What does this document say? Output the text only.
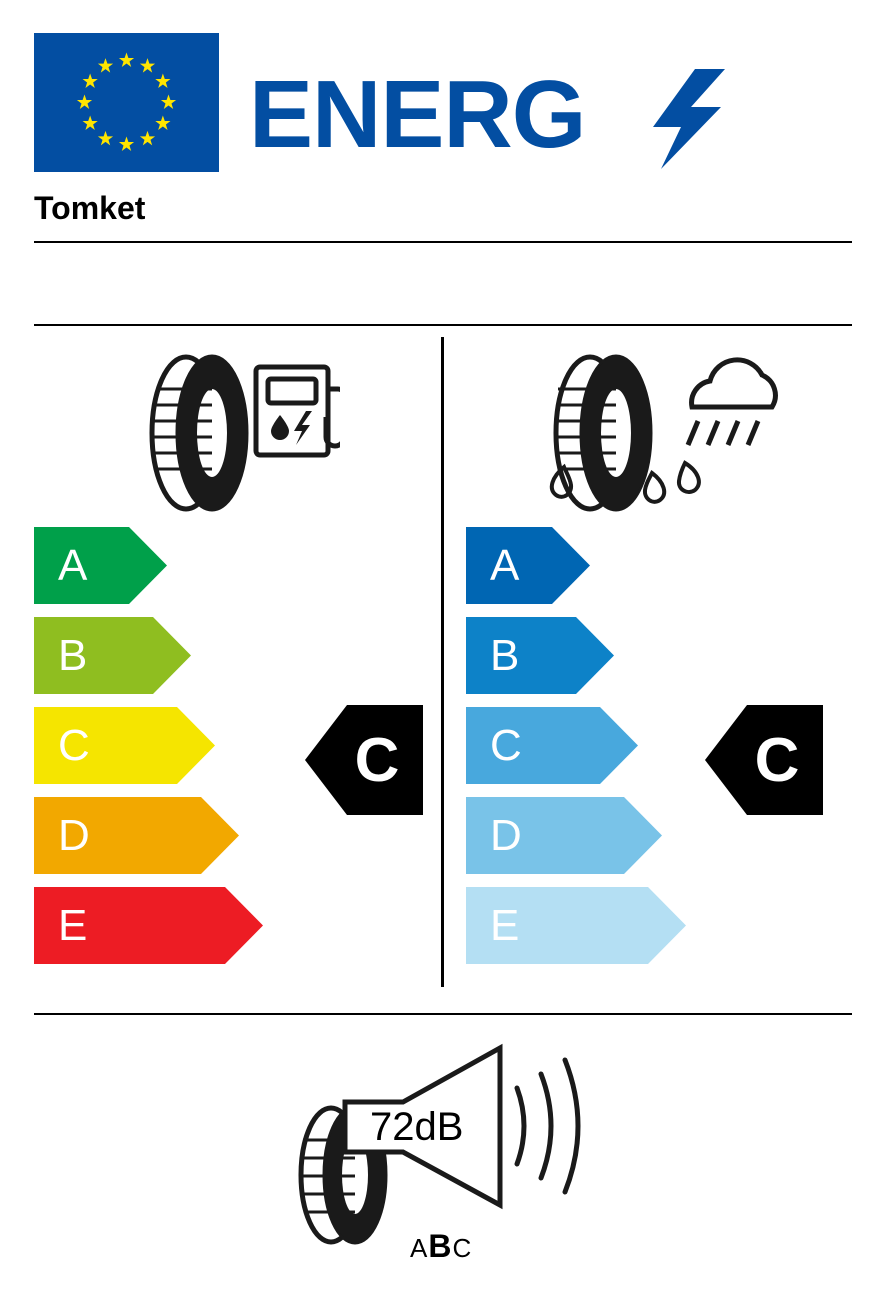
ENERG
Tomket
A
B
C
D
E
A
B
C
D
E
C	C
72dB
ABC
